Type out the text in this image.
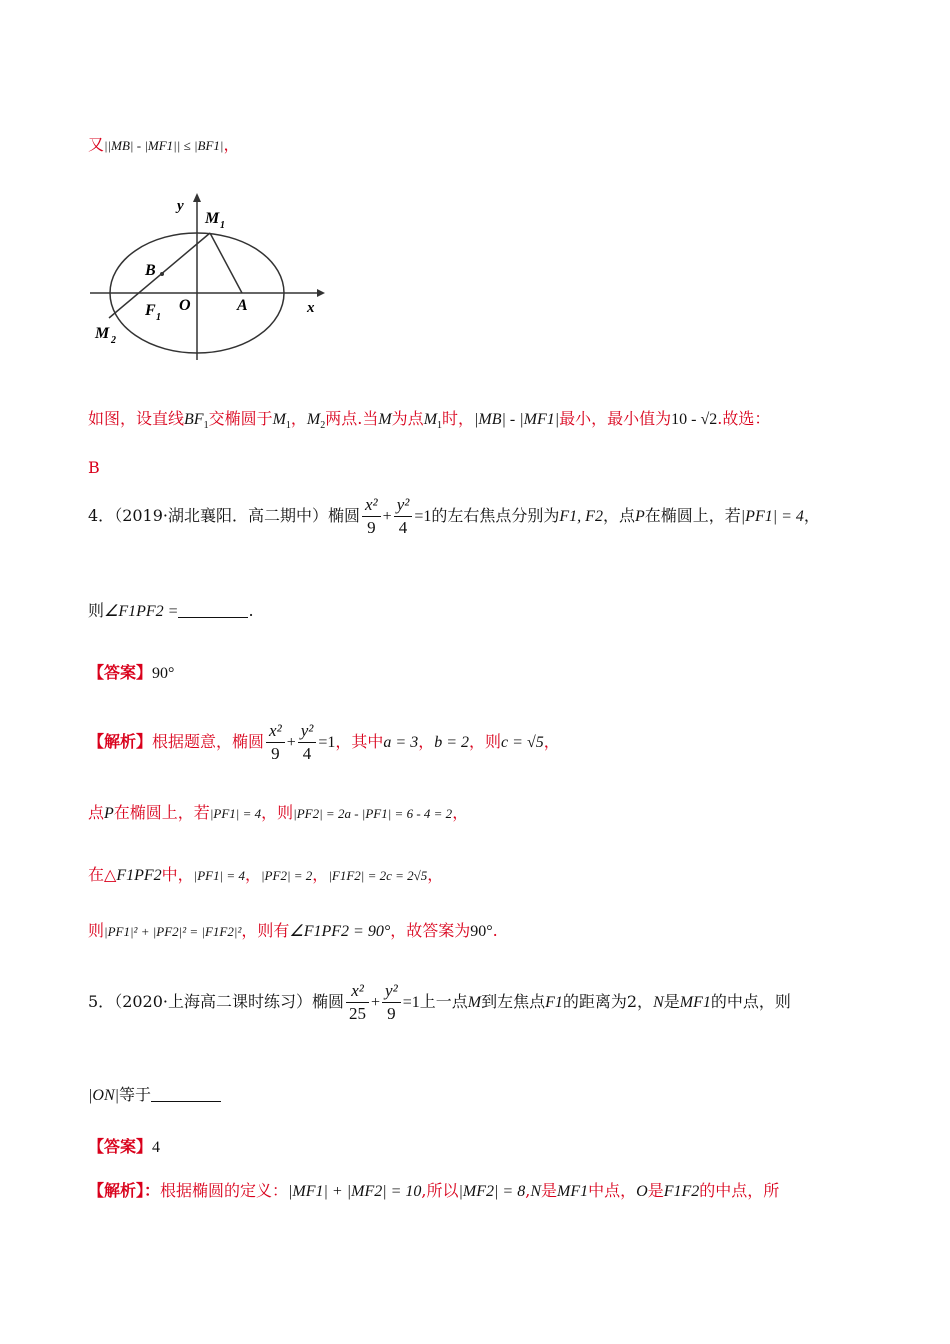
又||MB| - |MF1|| ≤ |BF1|，
y
M 1
B
F 1
O	A	x
M 2
如图，设直线$BF_1$交椭圆于$M_1$，$M_2$两点.当M为点$M_1$时，|MB| - |MF1|最小，最小值为10 - √2.故选：
B
4．（2019·湖北襄阳．高二期中）椭圆 $\frac{\text{x²}}{9} + \frac{\text{y²}}{4} =1$的左右焦点分别为F1, F2，点P在椭圆上，若|PF1| = 4，
则∠F1PF2 =	.
【答案】90°
【解析】根据题意，椭圆 $\frac{\text{x²}}{9} + \frac{\text{y²}}{4} =1$，其中a = 3，b = 2，则c = √5，
点P在椭圆上，若|PF1| = 4，则|PF2| = 2a - |PF1| = 6 - 4 = 2，
在△F1PF2中，|PF1| = 4，|PF2| = 2，|F1F2| = 2c = 2√5，
则|PF1|² + |PF2|² = |F1F2|²，则有∠F1PF2 = 90°，故答案为90°.
5．（2020·上海高二课时练习）椭圆 $\frac{\text{x²}}{25} + \frac{\text{y²}}{9} =1$上一点M到左焦点F1的距离为2，N是MF1的中点，则
|ON|等于
【答案】4
【解析】：根据椭圆的定义：|MF1| + |MF2| = 10,所以|MF2| = 8,N是MF1中点，O是F1F2的中点，所
